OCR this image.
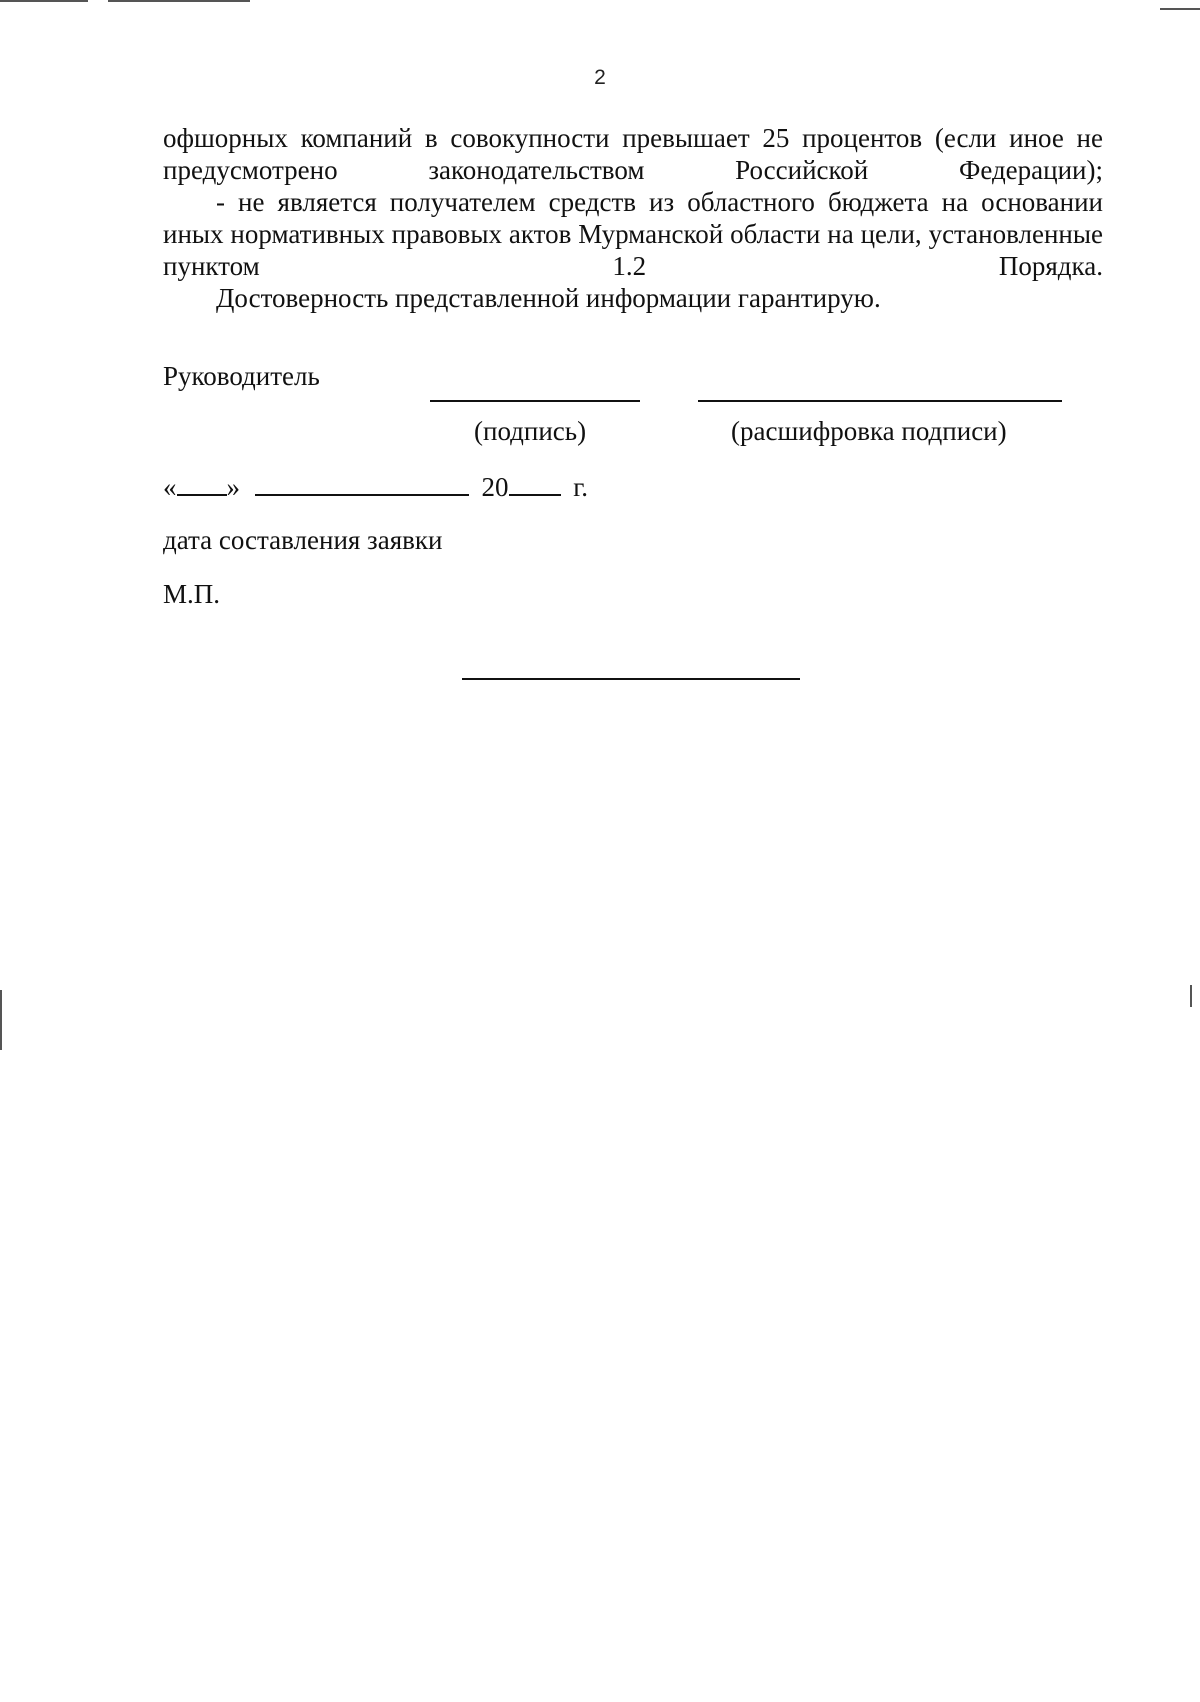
2

офшорных компаний в совокупности превышает 25 процентов (если иное не предусмотрено законодательством Российской Федерации);

- не является получателем средств из областного бюджета на основании иных нормативных правовых актов Мурманской области на цели, установленные пунктом 1.2 Порядка.

Достоверность представленной информации гарантирую.

Руководитель
(подпись)	(расшифровка подписи)
« »	20 г.
дата составления заявки
М.П.
